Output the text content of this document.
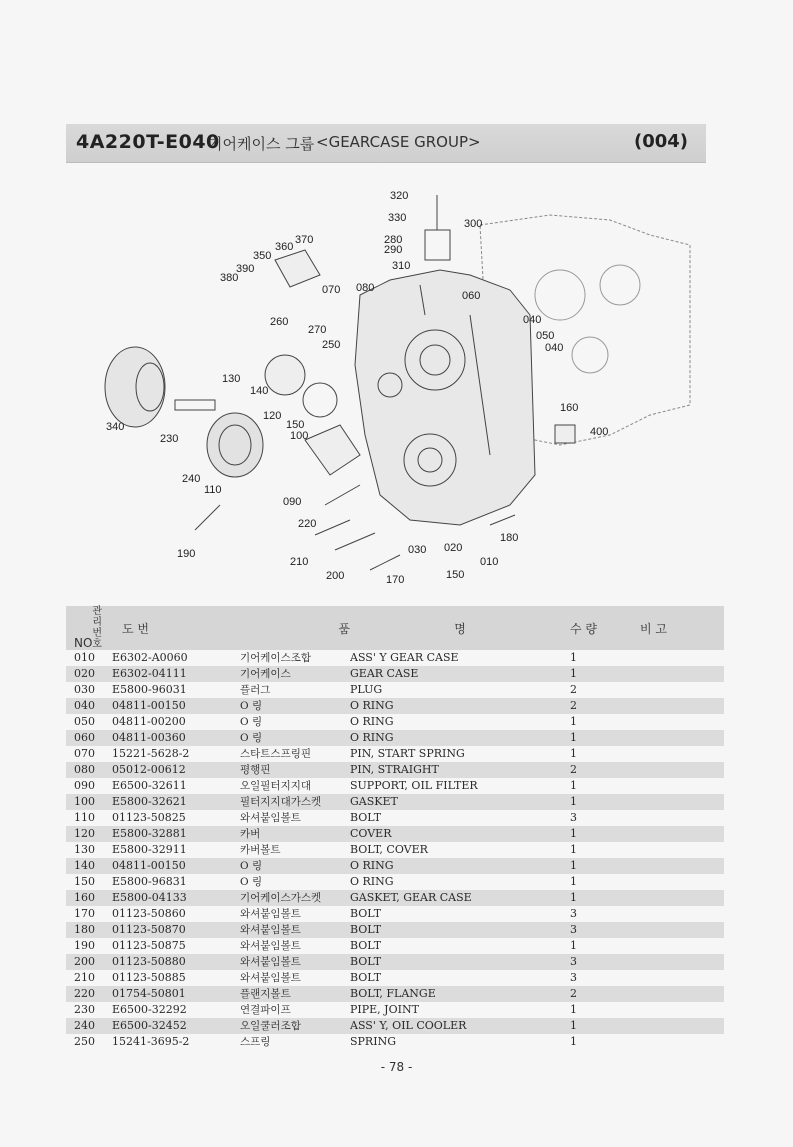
4A220T-E040
기어케이스 그룹 <GEARCASE GROUP>	(004)
320
330	300
280
290
310
370
360
350
390
380
070 080
060
260
270
250
040
050
040
130
140
120
150
100
160
400
340
230
240
110
090
220
180
190
210
200
030 020
170	150
010
NO관리번호	도 번	품	명	수 량	비 고
010	E6302-A0060	기어케이스조합	ASS' Y GEAR CASE	1	
020	E6302-04111	기어케이스	GEAR CASE	1	
030	E5800-96031	플러그	PLUG	2	
040	04811-00150	O 링	O RING	2	
050	04811-00200	O 링	O RING	1	
060	04811-00360	O 링	O RING	1	
070	15221-5628-2	스타트스프링핀	PIN, START SPRING	1	
080	05012-00612	평행핀	PIN, STRAIGHT	2	
090	E6500-32611	오일필터지지대	SUPPORT, OIL FILTER	1	
100	E5800-32621	필터지지대가스켓	GASKET	1	
110	01123-50825	와셔붙임볼트	BOLT	3	
120	E5800-32881	카버	COVER	1	
130	E5800-32911	카버볼트	BOLT, COVER	1	
140	04811-00150	O 링	O RING	1	
150	E5800-96831	O 링	O RING	1	
160	E5800-04133	기어케이스가스켓	GASKET, GEAR CASE	1	
170	01123-50860	와셔붙임볼트	BOLT	3	
180	01123-50870	와셔붙임볼트	BOLT	3	
190	01123-50875	와셔붙임볼트	BOLT	1	
200	01123-50880	와셔붙임볼트	BOLT	3	
210	01123-50885	와셔붙임볼트	BOLT	3	
220	01754-50801	플랜지볼트	BOLT, FLANGE	2	
230	E6500-32292	연결파이프	PIPE, JOINT	1	
240	E6500-32452	오일쿨러조합	ASS' Y, OIL COOLER	1	
250	15241-3695-2	스프링	SPRING	1	
- 78 -
